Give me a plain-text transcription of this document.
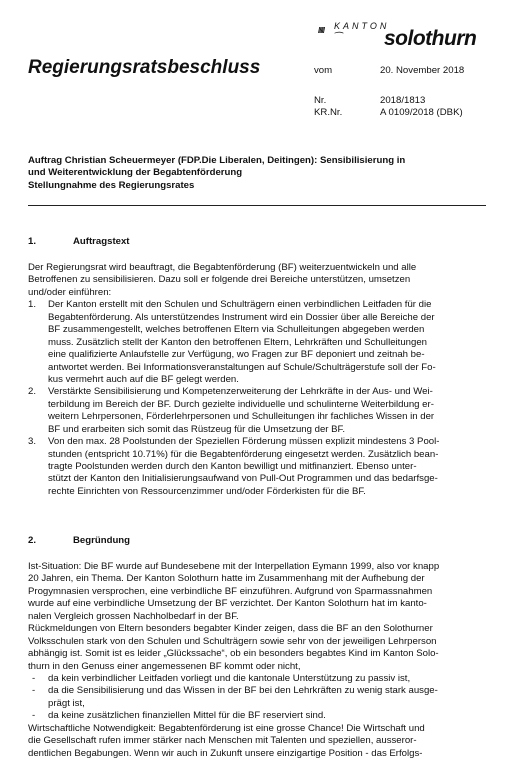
///// KANTON
⁀ solothurn
Regierungsratsbeschluss	vom	20. November 2018
Nr.	2018/1813
KR.Nr.	A 0109/2018 (DBK)
Auftrag Christian Scheuermeyer (FDP.Die Liberalen, Deitingen): Sensibilisierung in
und Weiterentwicklung der Begabtenförderung
Stellungnahme des Regierungsrates
1.	Auftragstext
Der Regierungsrat wird beauftragt, die Begabtenförderung (BF) weiterzuentwickeln und alle
Betroffenen zu sensibilisieren. Dazu soll er folgende drei Bereiche unterstützen, umsetzen
und/oder einführen:
1. Der Kanton erstellt mit den Schulen und Schulträgern einen verbindlichen Leitfaden für die
Begabtenförderung. Als unterstützendes Instrument wird ein Dossier über alle Bereiche der
BF zusammengestellt, welches betroffenen Eltern via Schulleitungen abgegeben werden
muss. Zusätzlich stellt der Kanton den betroffenen Eltern, Lehrkräften und Schulleitungen
eine qualifizierte Anlaufstelle zur Verfügung, wo Fragen zur BF deponiert und zeitnah be-
antwortet werden. Bei Informationsveranstaltungen auf Schule/Schulträgerstufe soll der Fo-
kus vermehrt auch auf die BF gelegt werden.
2. Verstärkte Sensibilisierung und Kompetenzerweiterung der Lehrkräfte in der Aus- und Wei-
terbildung im Bereich der BF. Durch gezielte individuelle und schulinterne Weiterbildung er-
weitern Lehrpersonen, Förderlehrpersonen und Schulleitungen ihr fachliches Wissen in der
BF und erarbeiten sich somit das Rüstzeug für die Umsetzung der BF.
3. Von den max. 28 Poolstunden der Speziellen Förderung müssen explizit mindestens 3 Pool-
stunden (entspricht 10.71%) für die Begabtenförderung eingesetzt werden. Zusätzlich bean-
tragte Poolstunden werden durch den Kanton bewilligt und mitfinanziert. Ebenso unter-
stützt der Kanton den Initialisierungsaufwand von Pull-Out Programmen und das bedarfsge-
rechte Einrichten von Ressourcenzimmer und/oder Förderkisten für die BF.
2.	Begründung
Ist-Situation: Die BF wurde auf Bundesebene mit der Interpellation Eymann 1999, also vor knapp
20 Jahren, ein Thema. Der Kanton Solothurn hatte im Zusammenhang mit der Aufhebung der
Progymnasien versprochen, eine verbindliche BF einzuführen. Aufgrund von Sparmassnahmen
wurde auf eine verbindliche Umsetzung der BF verzichtet. Der Kanton Solothurn hat im kanto-
nalen Vergleich grossen Nachholbedarf in der BF.
Rückmeldungen von Eltern besonders begabter Kinder zeigen, dass die BF an den Solothurner
Volksschulen stark von den Schulen und Schulträgern sowie sehr von der jeweiligen Lehrperson
abhängig ist. Somit ist es leider „Glückssache“, ob ein besonders begabtes Kind im Kanton Solo-
thurn in den Genuss einer angemessenen BF kommt oder nicht,
- da kein verbindlicher Leitfaden vorliegt und die kantonale Unterstützung zu passiv ist,
- da die Sensibilisierung und das Wissen in der BF bei den Lehrkräften zu wenig stark ausge-
prägt ist,
- da keine zusätzlichen finanziellen Mittel für die BF reserviert sind.
Wirtschaftliche Notwendigkeit: Begabtenförderung ist eine grosse Chance! Die Wirtschaft und
die Gesellschaft rufen immer stärker nach Menschen mit Talenten und speziellen, ausseror-
dentlichen Begabungen. Wenn wir auch in Zukunft unsere einzigartige Position - das Erfolgs-
